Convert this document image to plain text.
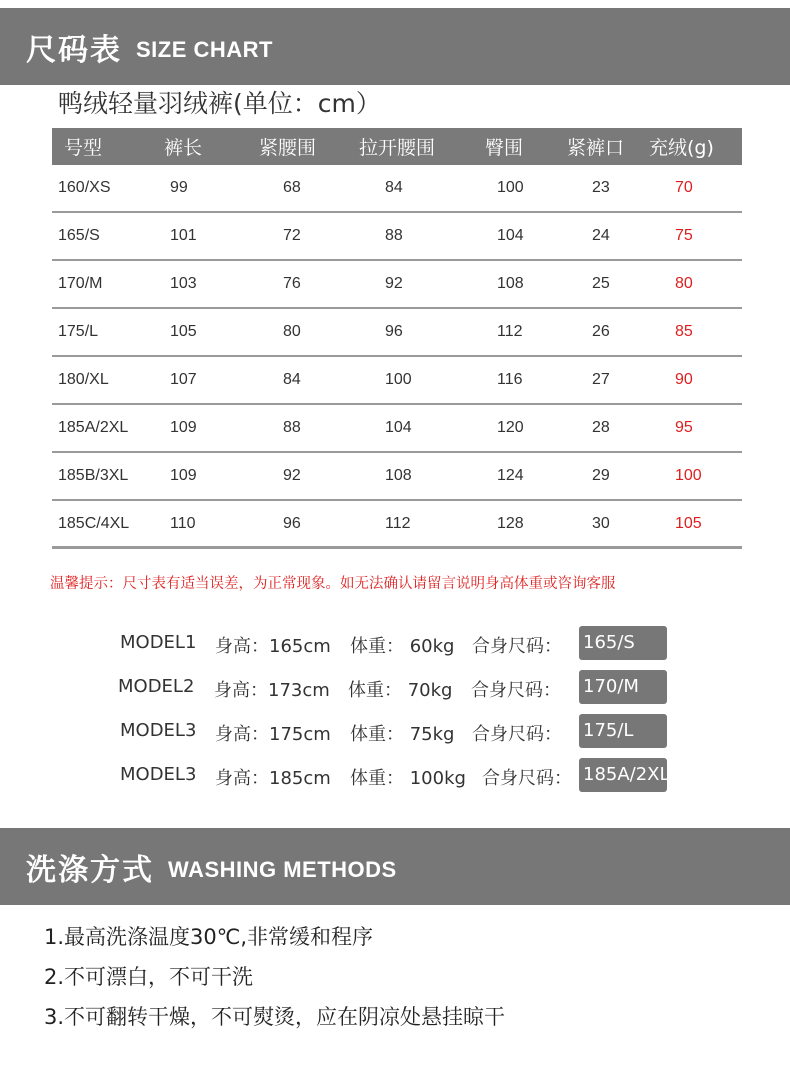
尺码表 SIZE CHART
鸭绒轻量羽绒裤(单位：cm）
号型	裤长	紧腰围	拉开腰围	臀围	紧裤口	充绒(g)
160/XS	99	68	84	100	23	70
165/S	101	72	88	104	24	75
170/M	103	76	92	108	25	80
175/L	105	80	96	112	26	85
180/XL	107	84	100	116	27	90
185A/2XL	109	88	104	120	28	95
185B/3XL	109	92	108	124	29	100
185C/4XL	110	96	112	128	30	105
温馨提示：尺寸表有适当误差，为正常现象。如无法确认请留言说明身高体重或咨询客服
MODEL1 身高：165cm 体重： 60kg 合身尺码： 165/S
MODEL2 身高：173cm 体重： 70kg 合身尺码： 170/M
MODEL3 身高：175cm 体重： 75kg 合身尺码： 175/L
MODEL3 身高：185cm 体重： 100kg 合身尺码： 185A/2XL
洗涤方式 WASHING METHODS
1.最高洗涤温度30℃,非常缓和程序
2.不可漂白，不可干洗
3.不可翻转干燥，不可熨烫，应在阴凉处悬挂晾干
